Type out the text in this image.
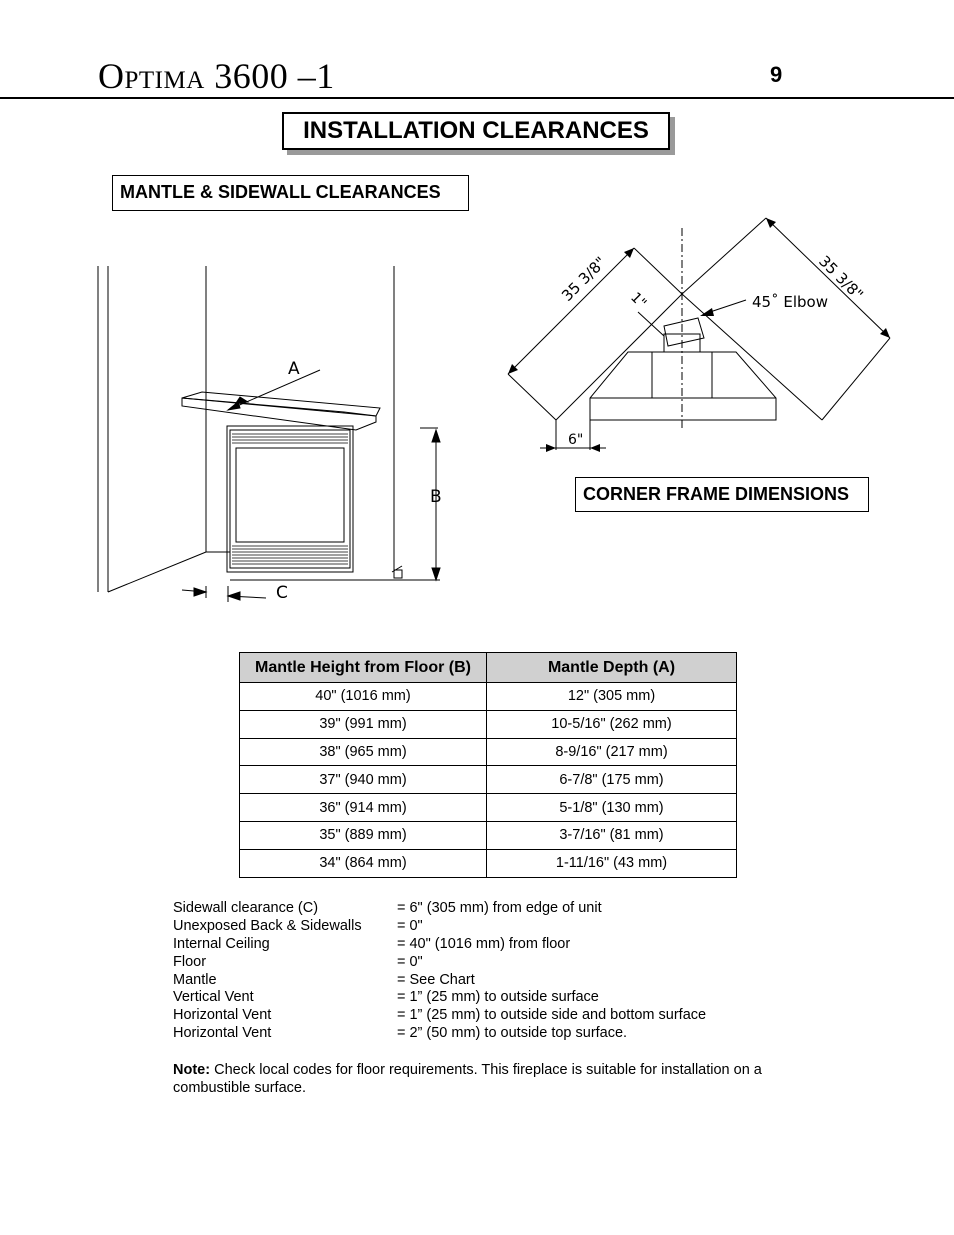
Optima 3600 –1	9
INSTALLATION CLEARANCES
MANTLE & SIDEWALL CLEARANCES
A
B
C
35 3/8"	35 3/8"
1"	45˚ Elbow
6"
CORNER FRAME DIMENSIONS
Mantle Height from Floor (B)	Mantle Depth (A)
40" (1016 mm)	12" (305 mm)
39" (991 mm)	10-5/16" (262 mm)
38" (965 mm)	8-9/16" (217 mm)
37" (940 mm)	6-7/8" (175 mm)
36" (914 mm)	5-1/8" (130 mm)
35" (889 mm)	3-7/16" (81 mm)
34" (864 mm)	1-11/16" (43 mm)
Sidewall clearance (C)	= 6" (305 mm) from edge of unit
Unexposed Back & Sidewalls = 0"
Internal Ceiling	= 40" (1016 mm) from floor
Floor	= 0"
Mantle	= See Chart
Vertical Vent	= 1” (25 mm) to outside surface
Horizontal Vent	= 1” (25 mm) to outside side and bottom surface
Horizontal Vent	= 2” (50 mm) to outside top surface.
Note: Check local codes for floor requirements. This fireplace is suitable for installation on a combustible surface.
